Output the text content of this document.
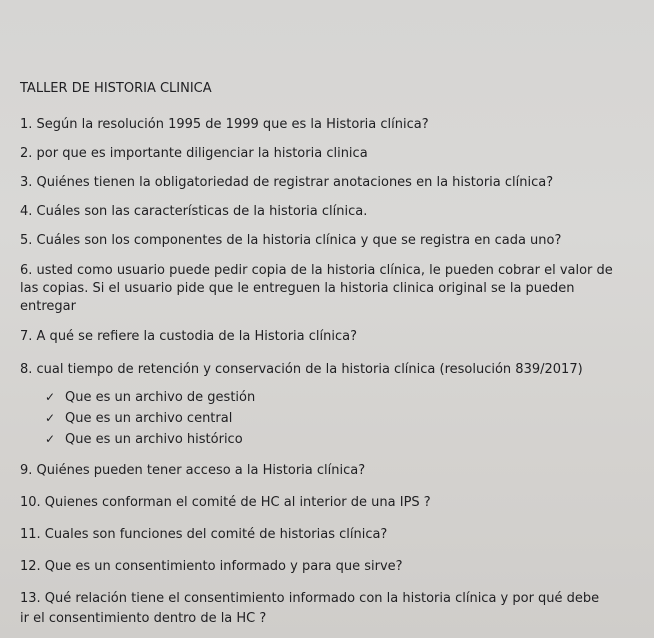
TALLER DE HISTORIA CLINICA
1. Según la resolución 1995 de 1999 que es la Historia clínica?
2. por que es importante diligenciar la historia clinica
3. Quiénes tienen la obligatoriedad de registrar anotaciones en la historia clínica?
4. Cuáles son las características de la historia clínica.
5. Cuáles son los componentes de la historia clínica y que se registra en cada uno?
6. usted como usuario puede pedir copia de la historia clínica, le pueden cobrar el valor de
las copias. Si el usuario pide que le entreguen la historia clinica original se la pueden
entregar
7. A qué se refiere la custodia de la Historia clínica?
8. cual tiempo de retención y conservación de la historia clínica (resolución 839/2017)
✓ Que es un archivo de gestión
✓ Que es un archivo central
✓ Que es un archivo histórico
9. Quiénes pueden tener acceso a la Historia clínica?
10. Quienes conforman el comité de HC al interior de una IPS ?
11. Cuales son funciones del comité de historias clínica?
12. Que es un consentimiento informado y para que sirve?
13. Qué relación tiene el consentimiento informado con la historia clínica y por qué debe
ir el consentimiento dentro de la HC ?
